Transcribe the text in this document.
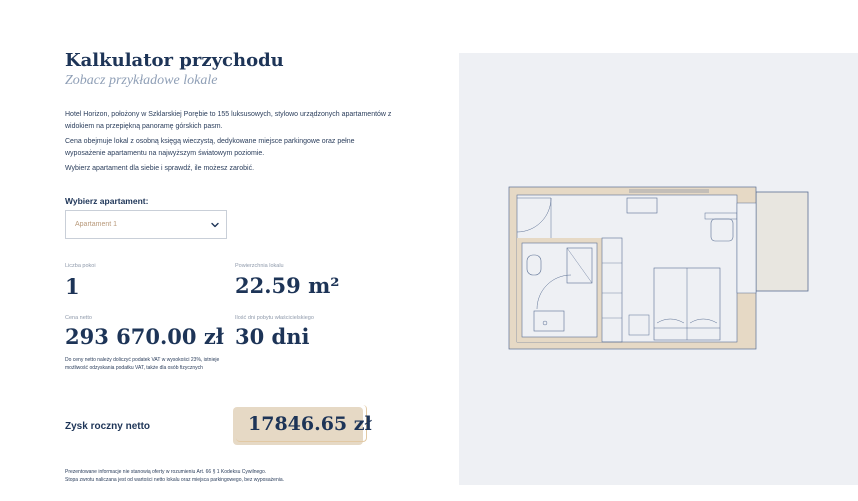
Kalkulator przychodu
Zobacz przykładowe lokale

Hotel Horizon, położony w Szklarskiej Porębie to 155 luksusowych, stylowo urządzonych apartamentów z widokiem na przepiękną panoramę górskich pasm.

Cena obejmuje lokal z osobną księgą wieczystą, dedykowane miejsce parkingowe oraz pełne wyposażenie apartamentu na najwyższym światowym poziomie.

Wybierz apartament dla siebie i sprawdź, ile możesz zarobić.

Wybierz apartament:
Apartament 1
Liczba pokoi
1
Powierzchnia lokalu
22.59 m²
Cena netto
293 670.00 zł
Do ceny netto należy doliczyć podatek VAT w wysokości 23%, istnieje możliwość odzyskania podatku VAT, także dla osób fizycznych
Ilość dni pobytu właścicielskiego
30 dni
Zysk roczny netto	17846.65 zł
Prezentowane informacje nie stanowią oferty w rozumieniu Art. 66 § 1 Kodeksu Cywilnego.
Stopa zwrotu naliczana jest od wartości netto lokalu oraz miejsca parkingowego, bez wyposażenia.
